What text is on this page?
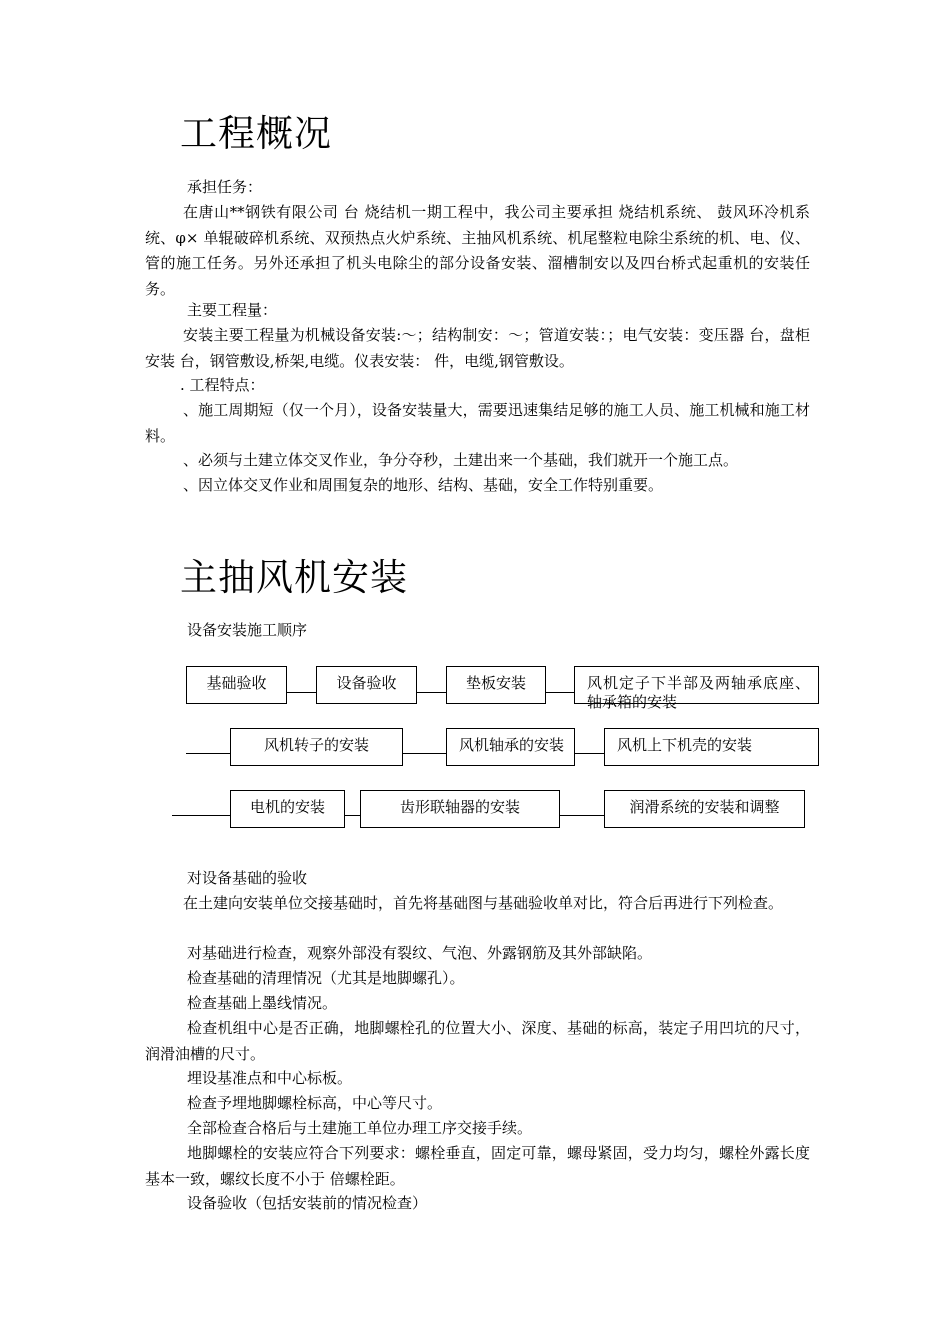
工程概况

承担任务：

在唐山**钢铁有限公司 台 烧结机一期工程中，我公司主要承担 烧结机系统、 鼓风环冷机系统、φ× 单辊破碎机系统、双预热点火炉系统、主抽风机系统、机尾整粒电除尘系统的机、电、仪、管的施工任务。另外还承担了机头电除尘的部分设备安装、溜槽制安以及四台桥式起重机的安装任务。

主要工程量：

安装主要工程量为机械设备安装:～；结构制安：～；管道安装：；电气安装：变压器 台，盘柜安装 台，钢管敷设,桥架,电缆。仪表安装： 件，电缆,钢管敷设。

. 工程特点：

、施工周期短（仅一个月），设备安装量大，需要迅速集结足够的施工人员、施工机械和施工材料。

、必须与土建立体交叉作业，争分夺秒，土建出来一个基础，我们就开一个施工点。

、因立体交叉作业和周围复杂的地形、结构、基础，安全工作特别重要。

主抽风机安装

设备安装施工顺序

基础验收	设备验收	垫板安装	风机定子下半部及两轴承底座、轴承箱的安装
风机转子的安装	风机轴承的安装	风机上下机壳的安装
电机的安装	齿形联轴器的安装	润滑系统的安装和调整

对设备基础的验收

在土建向安装单位交接基础时，首先将基础图与基础验收单对比，符合后再进行下列检查。

对基础进行检查，观察外部没有裂纹、气泡、外露钢筋及其外部缺陷。

检查基础的清理情况（尤其是地脚螺孔）。

检查基础上墨线情况。

检查机组中心是否正确，地脚螺栓孔的位置大小、深度、基础的标高，装定子用凹坑的尺寸，润滑油槽的尺寸。

埋设基准点和中心标板。

检查予埋地脚螺栓标高，中心等尺寸。

全部检查合格后与土建施工单位办理工序交接手续。

地脚螺栓的安装应符合下列要求：螺栓垂直，固定可靠，螺母紧固，受力均匀，螺栓外露长度基本一致，螺纹长度不小于 倍螺栓距。

设备验收（包括安装前的情况检查）
